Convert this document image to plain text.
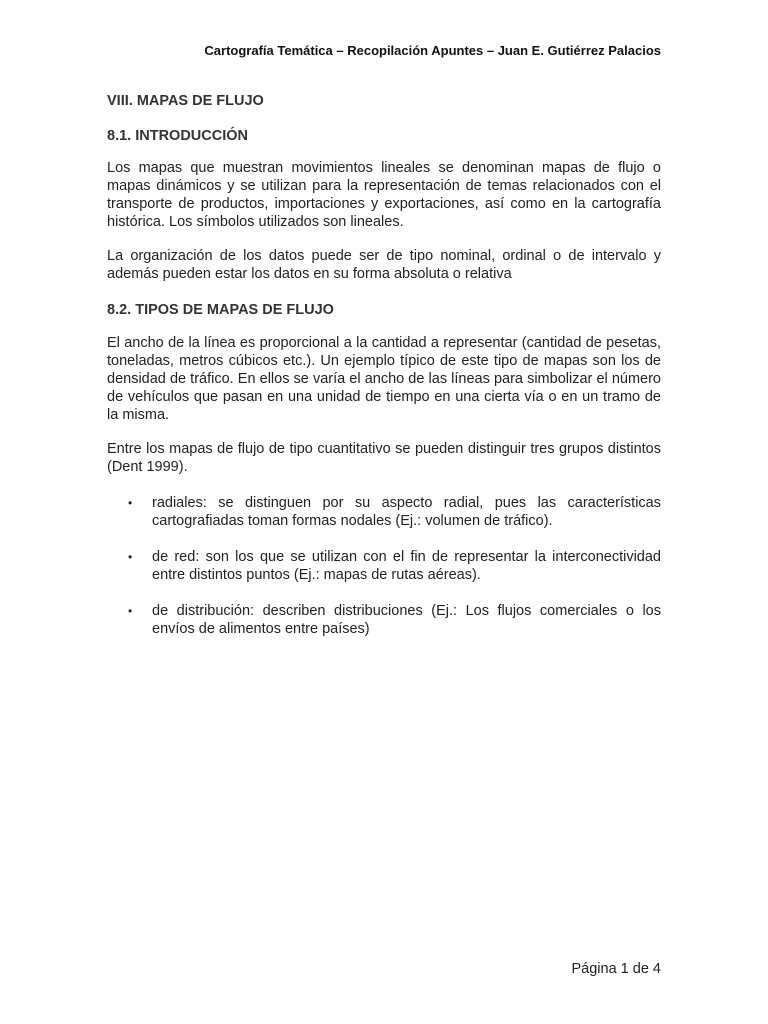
Cartografía Temática – Recopilación Apuntes – Juan E. Gutiérrez Palacios
VIII. MAPAS DE FLUJO
8.1. INTRODUCCIÓN

Los mapas que muestran movimientos lineales se denominan mapas de flujo o mapas dinámicos y se utilizan para la representación de temas relacionados con el transporte de productos, importaciones y exportaciones, así como en la cartografía histórica. Los símbolos utilizados son lineales.

La organización de los datos puede ser de tipo nominal, ordinal o de intervalo y además pueden estar los datos en su forma absoluta o relativa

8.2. TIPOS DE MAPAS DE FLUJO

El ancho de la línea es proporcional a la cantidad a representar (cantidad de pesetas, toneladas, metros cúbicos etc.). Un ejemplo típico de este tipo de mapas son los de densidad de tráfico. En ellos se varía el ancho de las líneas para simbolizar el número de vehículos que pasan en una unidad de tiempo en una cierta vía o en un tramo de la misma.

Entre los mapas de flujo de tipo cuantitativo se pueden distinguir tres grupos distintos (Dent 1999).

• radiales: se distinguen por su aspecto radial, pues las características cartografiadas toman formas nodales (Ej.: volumen de tráfico).
• de red: son los que se utilizan con el fin de representar la interconectividad entre distintos puntos (Ej.: mapas de rutas aéreas).
• de distribución: describen distribuciones (Ej.: Los flujos comerciales o los envíos de alimentos entre países)
Página 1 de 4
